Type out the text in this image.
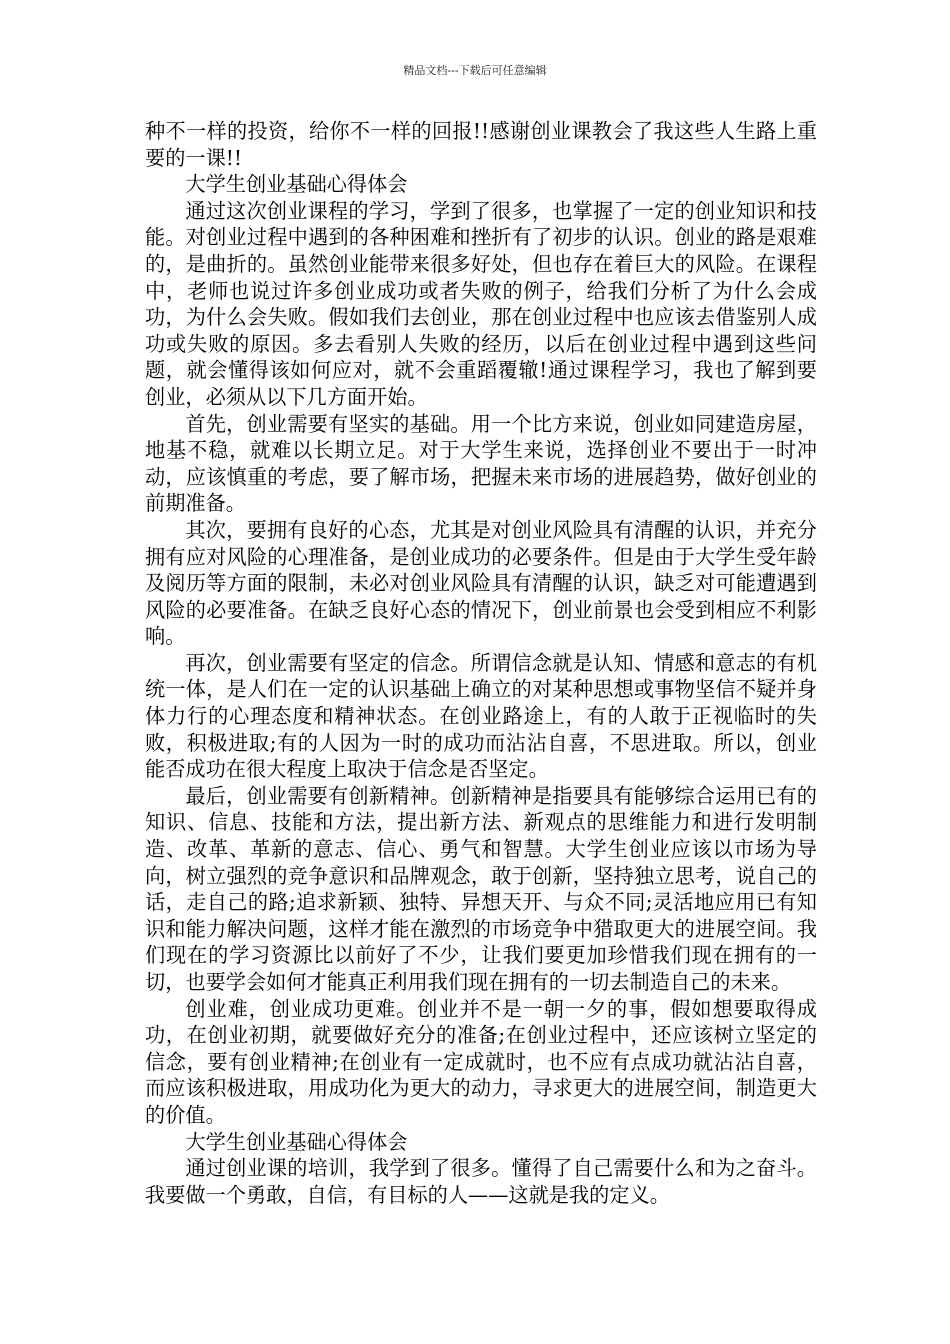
精品文档---下载后可任意编辑

种不一样的投资，给你不一样的回报!!感谢创业课教会了我这些人生路上重要的一课!!

大学生创业基础心得体会

通过这次创业课程的学习，学到了很多，也掌握了一定的创业知识和技能。对创业过程中遇到的各种困难和挫折有了初步的认识。创业的路是艰难的，是曲折的。虽然创业能带来很多好处，但也存在着巨大的风险。在课程中，老师也说过许多创业成功或者失败的例子，给我们分析了为什么会成功，为什么会失败。假如我们去创业，那在创业过程中也应该去借鉴别人成功或失败的原因。多去看别人失败的经历，以后在创业过程中遇到这些问题，就会懂得该如何应对，就不会重蹈覆辙!通过课程学习，我也了解到要创业，必须从以下几方面开始。

首先，创业需要有坚实的基础。用一个比方来说，创业如同建造房屋，地基不稳，就难以长期立足。对于大学生来说，选择创业不要出于一时冲动，应该慎重的考虑，要了解市场，把握未来市场的进展趋势，做好创业的前期准备。

其次，要拥有良好的心态，尤其是对创业风险具有清醒的认识，并充分拥有应对风险的心理准备，是创业成功的必要条件。但是由于大学生受年龄及阅历等方面的限制，未必对创业风险具有清醒的认识，缺乏对可能遭遇到风险的必要准备。在缺乏良好心态的情况下，创业前景也会受到相应不利影响。

再次，创业需要有坚定的信念。所谓信念就是认知、情感和意志的有机统一体，是人们在一定的认识基础上确立的对某种思想或事物坚信不疑并身体力行的心理态度和精神状态。在创业路途上，有的人敢于正视临时的失败，积极进取;有的人因为一时的成功而沾沾自喜，不思进取。所以，创业能否成功在很大程度上取决于信念是否坚定。

最后，创业需要有创新精神。创新精神是指要具有能够综合运用已有的知识、信息、技能和方法，提出新方法、新观点的思维能力和进行发明制造、改革、革新的意志、信心、勇气和智慧。大学生创业应该以市场为导向，树立强烈的竞争意识和品牌观念，敢于创新，坚持独立思考，说自己的话，走自己的路;追求新颖、独特、异想天开、与众不同;灵活地应用已有知识和能力解决问题，这样才能在激烈的市场竞争中猎取更大的进展空间。我们现在的学习资源比以前好了不少，让我们要更加珍惜我们现在拥有的一切，也要学会如何才能真正利用我们现在拥有的一切去制造自己的未来。

创业难，创业成功更难。创业并不是一朝一夕的事，假如想要取得成功，在创业初期，就要做好充分的准备;在创业过程中，还应该树立坚定的信念，要有创业精神;在创业有一定成就时，也不应有点成功就沾沾自喜，而应该积极进取，用成功化为更大的动力，寻求更大的进展空间，制造更大的价值。

大学生创业基础心得体会

通过创业课的培训，我学到了很多。懂得了自己需要什么和为之奋斗。我要做一个勇敢，自信，有目标的人——这就是我的定义。
